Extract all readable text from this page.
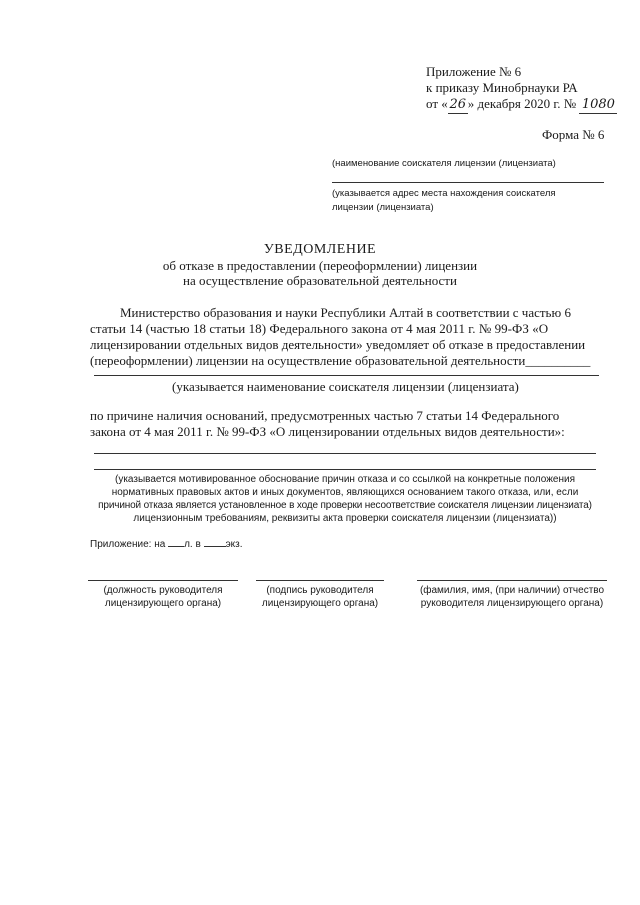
Приложение № 6
к приказу Минобрнауки РА
от « 26 » декабря 2020 г. № 1080
Форма № 6
(наименование соискателя лицензии (лицензиата)
(указывается адрес места нахождения соискателя
лицензии (лицензиата)
УВЕДОМЛЕНИЕ
об отказе в предоставлении (переоформлении) лицензии
на осуществление образовательной деятельности
Министерство образования и науки Республики Алтай в соответствии с частью 6
статьи 14 (частью 18 статьи 18) Федерального закона от 4 мая 2011 г. № 99-ФЗ «О
лицензировании отдельных видов деятельности» уведомляет об отказе в предоставлении
(переоформлении) лицензии на осуществление образовательной деятельности__________
(указывается наименование соискателя лицензии (лицензиата)
по причине наличия оснований, предусмотренных частью 7 статьи 14 Федерального
закона от 4 мая 2011 г. № 99-ФЗ «О лицензировании отдельных видов деятельности»:
(указывается мотивированное обоснование причин отказа и со ссылкой на конкретные положения
нормативных правовых актов и иных документов, являющихся основанием такого отказа, или, если
причиной отказа является установленное в ходе проверки несоответствие соискателя лицензии лицензиата)
лицензионным требованиям, реквизиты акта проверки соискателя лицензии (лицензиата))
Приложение: на л. в экз.
(должность руководителя
лицензирующего органа)
(подпись руководителя
лицензирующего органа)
(фамилия, имя, (при наличии) отчество
руководителя лицензирующего органа)
